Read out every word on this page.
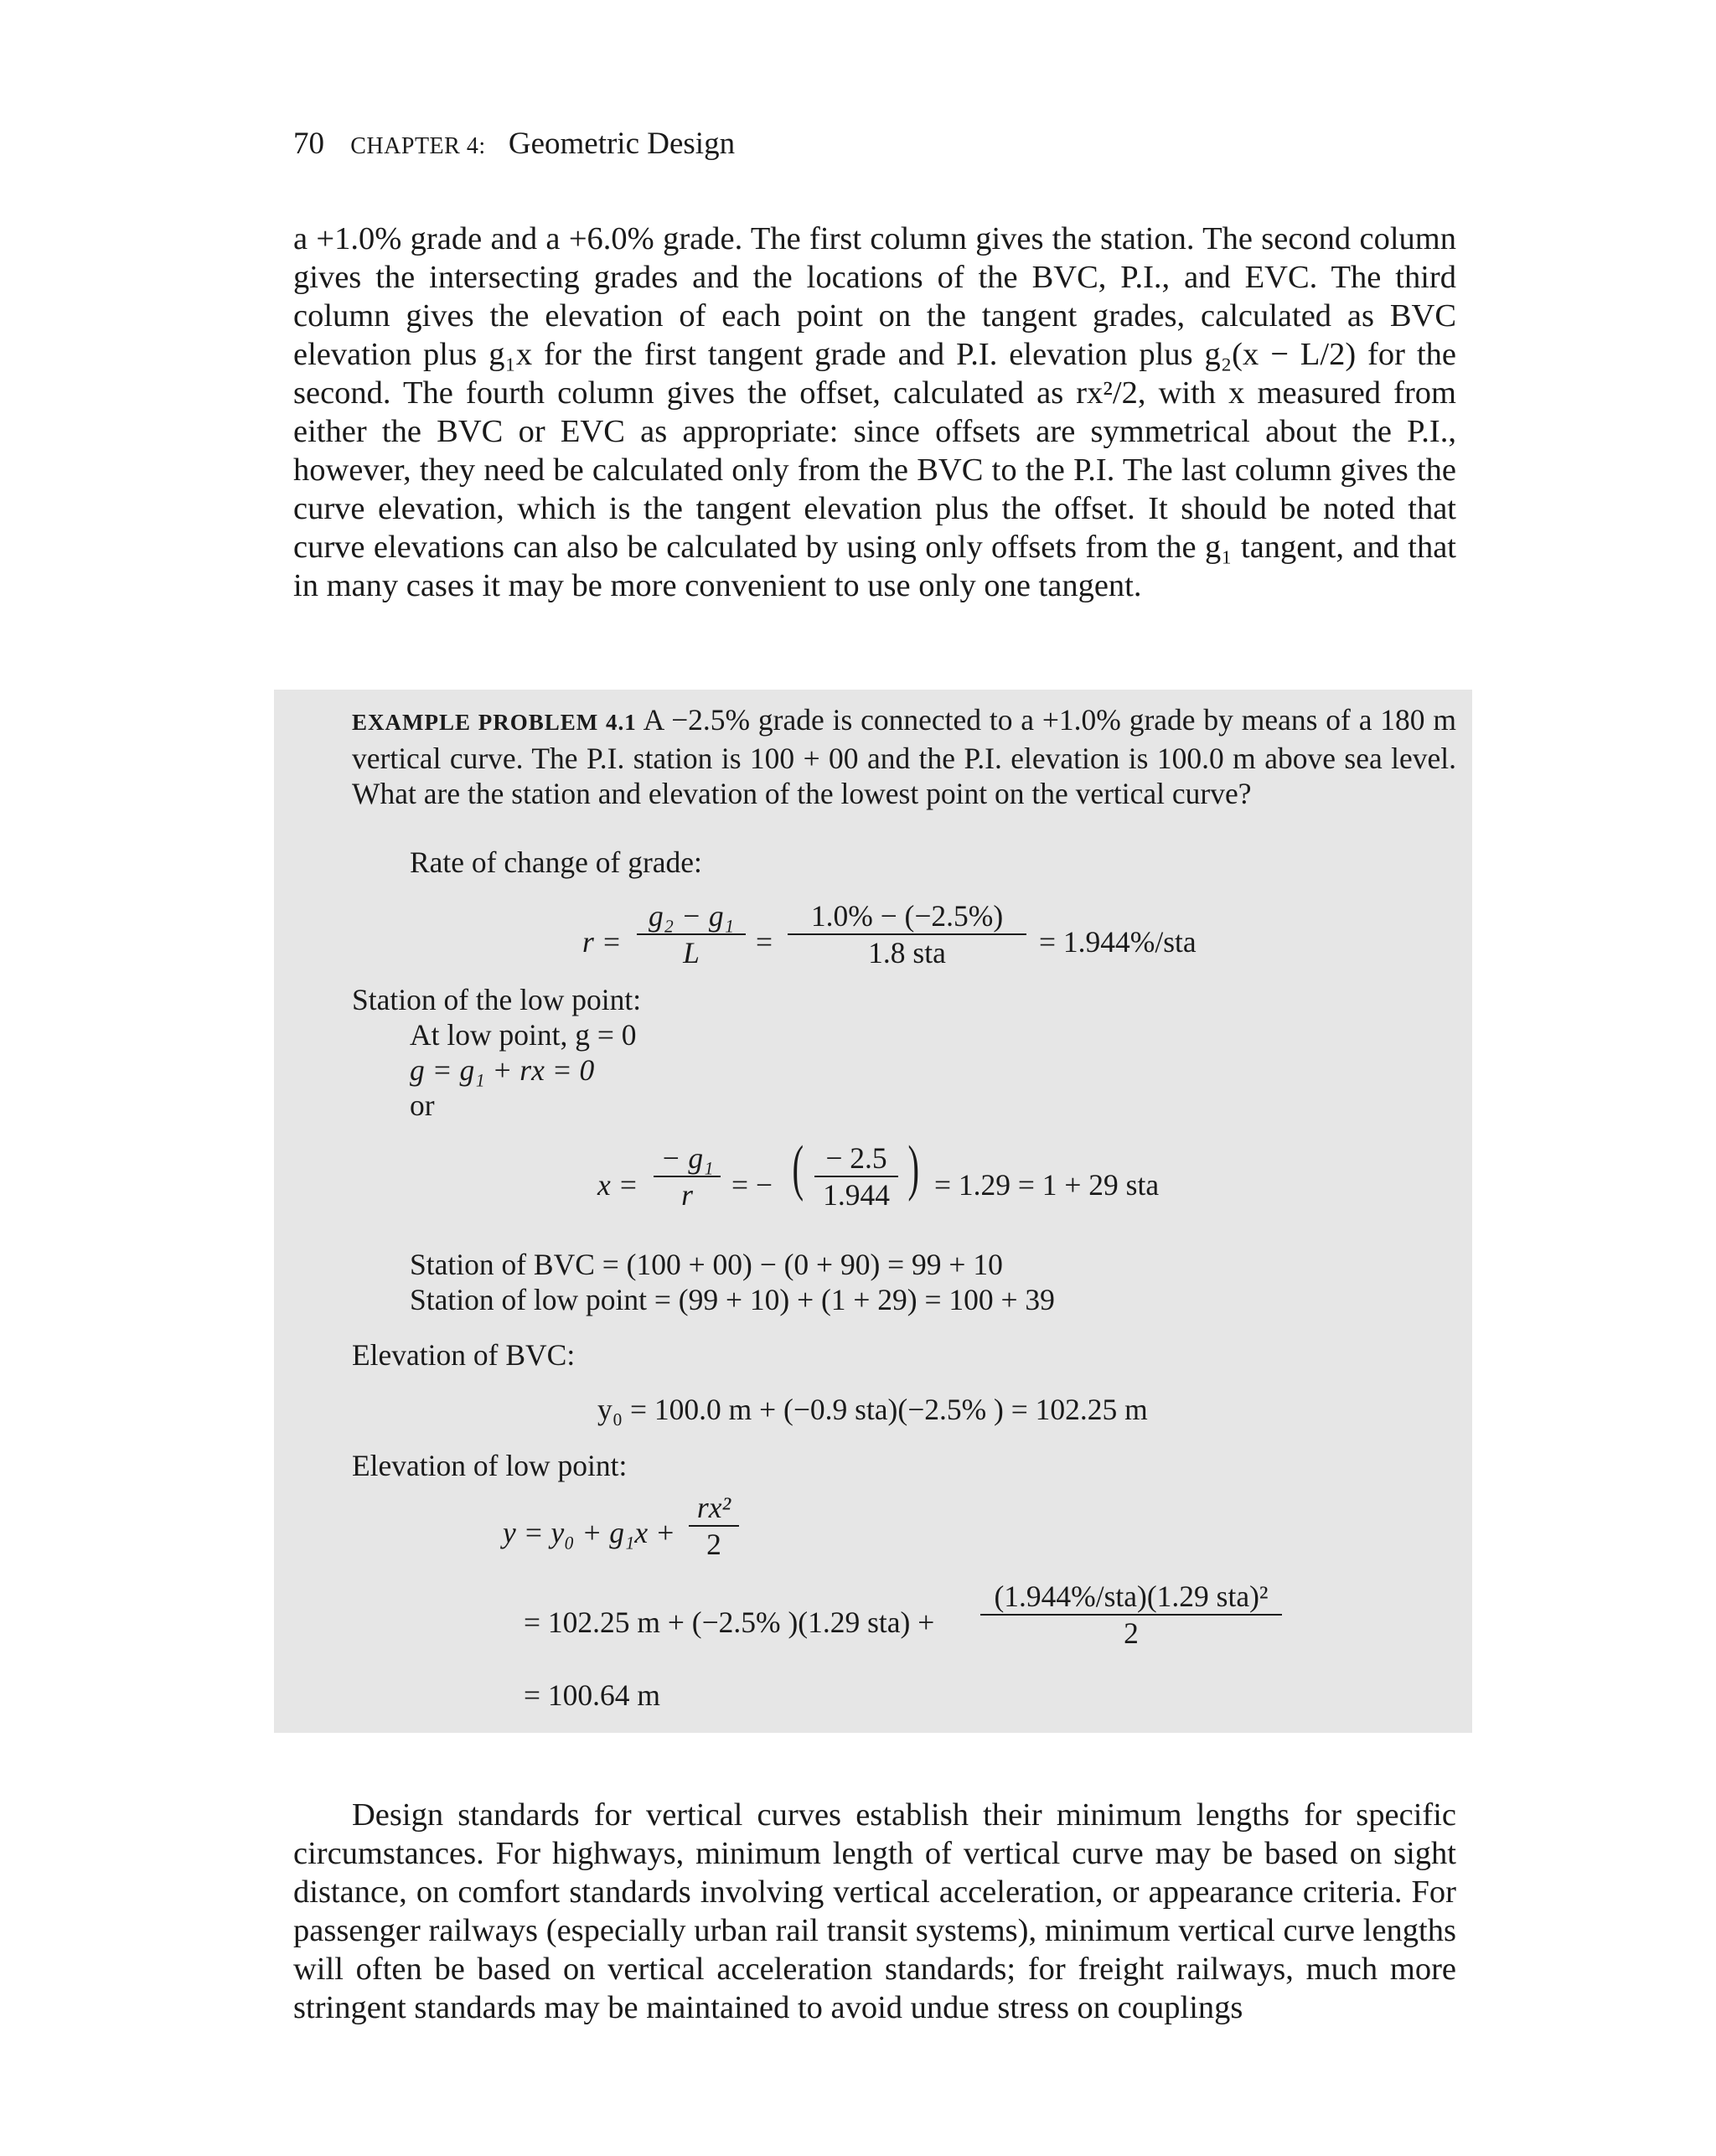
70 CHAPTER 4: Geometric Design

a +1.0% grade and a +6.0% grade. The first column gives the station. The second column gives the intersecting grades and the locations of the BVC, P.I., and EVC. The third column gives the elevation of each point on the tangent grades, calculated as BVC elevation plus g₁x for the first tangent grade and P.I. elevation plus g₂(x − L/2) for the second. The fourth column gives the offset, calculated as rx²/2, with x measured from either the BVC or EVC as appropriate: since offsets are symmetrical about the P.I., however, they need be calculated only from the BVC to the P.I. The last column gives the curve elevation, which is the tangent elevation plus the offset. It should be noted that curve elevations can also be calculated by using only offsets from the g₁ tangent, and that in many cases it may be more convenient to use only one tangent.

EXAMPLE PROBLEM 4.1 A −2.5% grade is connected to a +1.0% grade by means of a 180 m vertical curve. The P.I. station is 100 + 00 and the P.I. elevation is 100.0 m above sea level. What are the station and elevation of the lowest point on the vertical curve?
Rate of change of grade:
r =
g₂ − g₁
L	=
1.0% − (−2.5%)
1.8 sta	= 1.944%/sta
Station of the low point:
At low point, g = 0
g = g₁ + rx = 0
or
x =
− g₁
r	= − ( − 2.5
1.944 ) = 1.29 = 1 + 29 sta
Station of BVC = (100 + 00) − (0 + 90) = 99 + 10
Station of low point = (99 + 10) + (1 + 29) = 100 + 39
Elevation of BVC:
y₀ = 100.0 m + (−0.9 sta)(−2.5% ) = 102.25 m
Elevation of low point:
y = y₀ + g₁x +
rx²
2
= 102.25 m + (−2.5% )(1.29 sta) +
(1.944%/sta)(1.29 sta)²
2
= 100.64 m

Design standards for vertical curves establish their minimum lengths for specific circumstances. For highways, minimum length of vertical curve may be based on sight distance, on comfort standards involving vertical acceleration, or appearance criteria. For passenger railways (especially urban rail transit systems), minimum vertical curve lengths will often be based on vertical acceleration standards; for freight railways, much more stringent standards may be maintained to avoid undue stress on couplings
